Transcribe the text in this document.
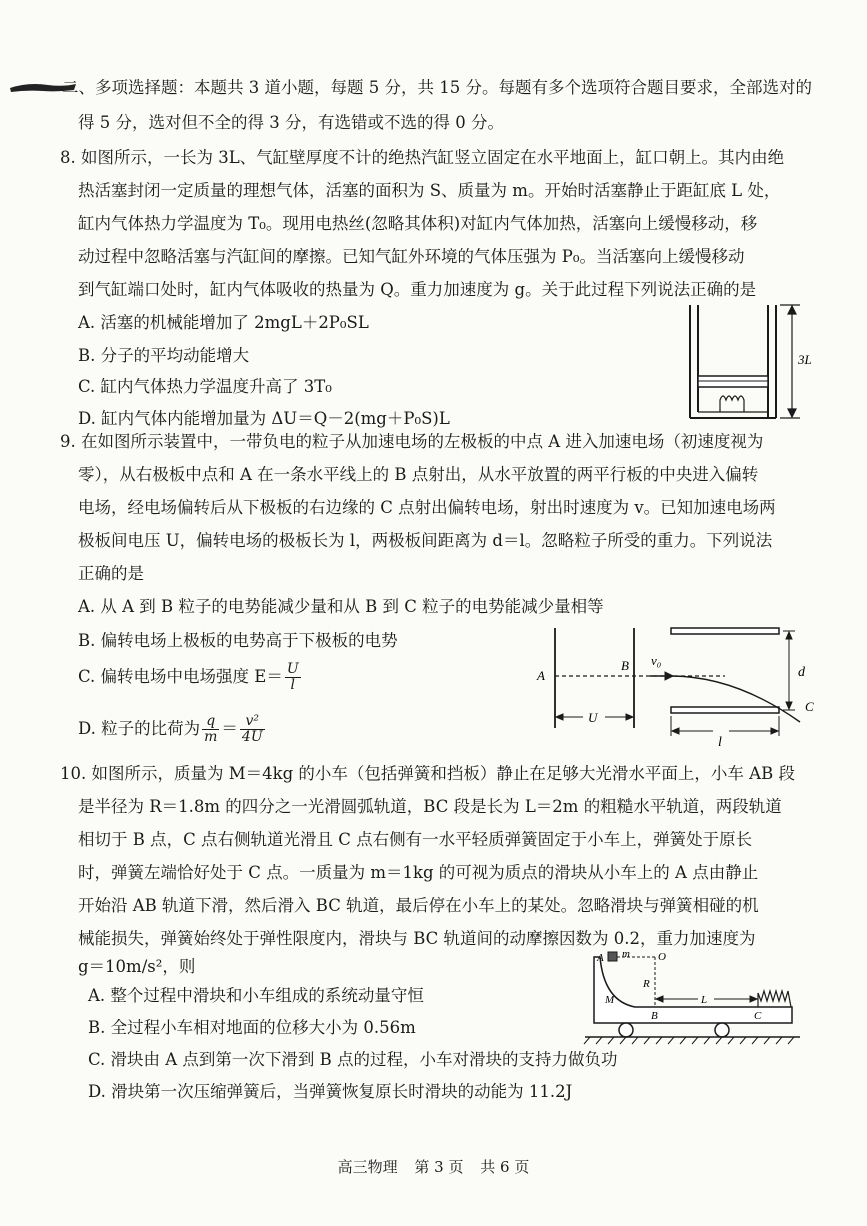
二、多项选择题：本题共 3 道小题，每题 5 分，共 15 分。每题有多个选项符合题目要求，全部选对的
得 5 分，选对但不全的得 3 分，有选错或不选的得 0 分。
8. 如图所示，一长为 3L、气缸壁厚度不计的绝热汽缸竖立固定在水平地面上，缸口朝上。其内由绝
热活塞封闭一定质量的理想气体，活塞的面积为 S、质量为 m。开始时活塞静止于距缸底 L 处，
缸内气体热力学温度为 T₀。现用电热丝(忽略其体积)对缸内气体加热，活塞向上缓慢移动，移
动过程中忽略活塞与汽缸间的摩擦。已知气缸外环境的气体压强为 P₀。当活塞向上缓慢移动
到气缸端口处时，缸内气体吸收的热量为 Q。重力加速度为 g。关于此过程下列说法正确的是
A. 活塞的机械能增加了 2mgL＋2P₀SL
B. 分子的平均动能增大
C. 缸内气体热力学温度升高了 3T₀
D. 缸内气体内能增加量为 ΔU＝Q－2(mg＋P₀S)L
3L
9. 在如图所示装置中，一带负电的粒子从加速电场的左极板的中点 A 进入加速电场（初速度视为
零），从右极板中点和 A 在一条水平线上的 B 点射出，从水平放置的两平行板的中央进入偏转
电场，经电场偏转后从下极板的右边缘的 C 点射出偏转电场，射出时速度为 v。已知加速电场两
极板间电压 U，偏转电场的极板长为 l，两极板间距离为 d＝l。忽略粒子所受的重力。下列说法
正确的是
A. 从 A 到 B 粒子的电势能减少量和从 B 到 C 粒子的电势能减少量相等
B. 偏转电场上极板的电势高于下极板的电势
C. 偏转电场中电场强度 $E= \frac{U}{l}$
D. 粒子的比荷为 $\frac{q}{m} = \frac{\text{v²}}{4U}$
A
B v₀
d
C
U
l
10. 如图所示，质量为 M＝4kg 的小车（包括弹簧和挡板）静止在足够大光滑水平面上，小车 AB 段
是半径为 R＝1.8m 的四分之一光滑圆弧轨道，BC 段是长为 L＝2m 的粗糙水平轨道，两段轨道
相切于 B 点，C 点右侧轨道光滑且 C 点右侧有一水平轻质弹簧固定于小车上，弹簧处于原长
时，弹簧左端恰好处于 C 点。一质量为 m＝1kg 的可视为质点的滑块从小车上的 A 点由静止
开始沿 AB 轨道下滑，然后滑入 BC 轨道，最后停在小车上的某处。忽略滑块与弹簧相碰的机
械能损失，弹簧始终处于弹性限度内，滑块与 BC 轨道间的动摩擦因数为 0.2，重力加速度为
g＝10m/s²，则
A. 整个过程中滑块和小车组成的系统动量守恒
B. 全过程小车相对地面的位移大小为 0.56m
C. 滑块由 A 点到第一次下滑到 B 点的过程，小车对滑块的支持力做负功
D. 滑块第一次压缩弹簧后，当弹簧恢复原长时滑块的动能为 11.2J
A m	O
R
M
B
L
C
高三物理 第 3 页 共 6 页
